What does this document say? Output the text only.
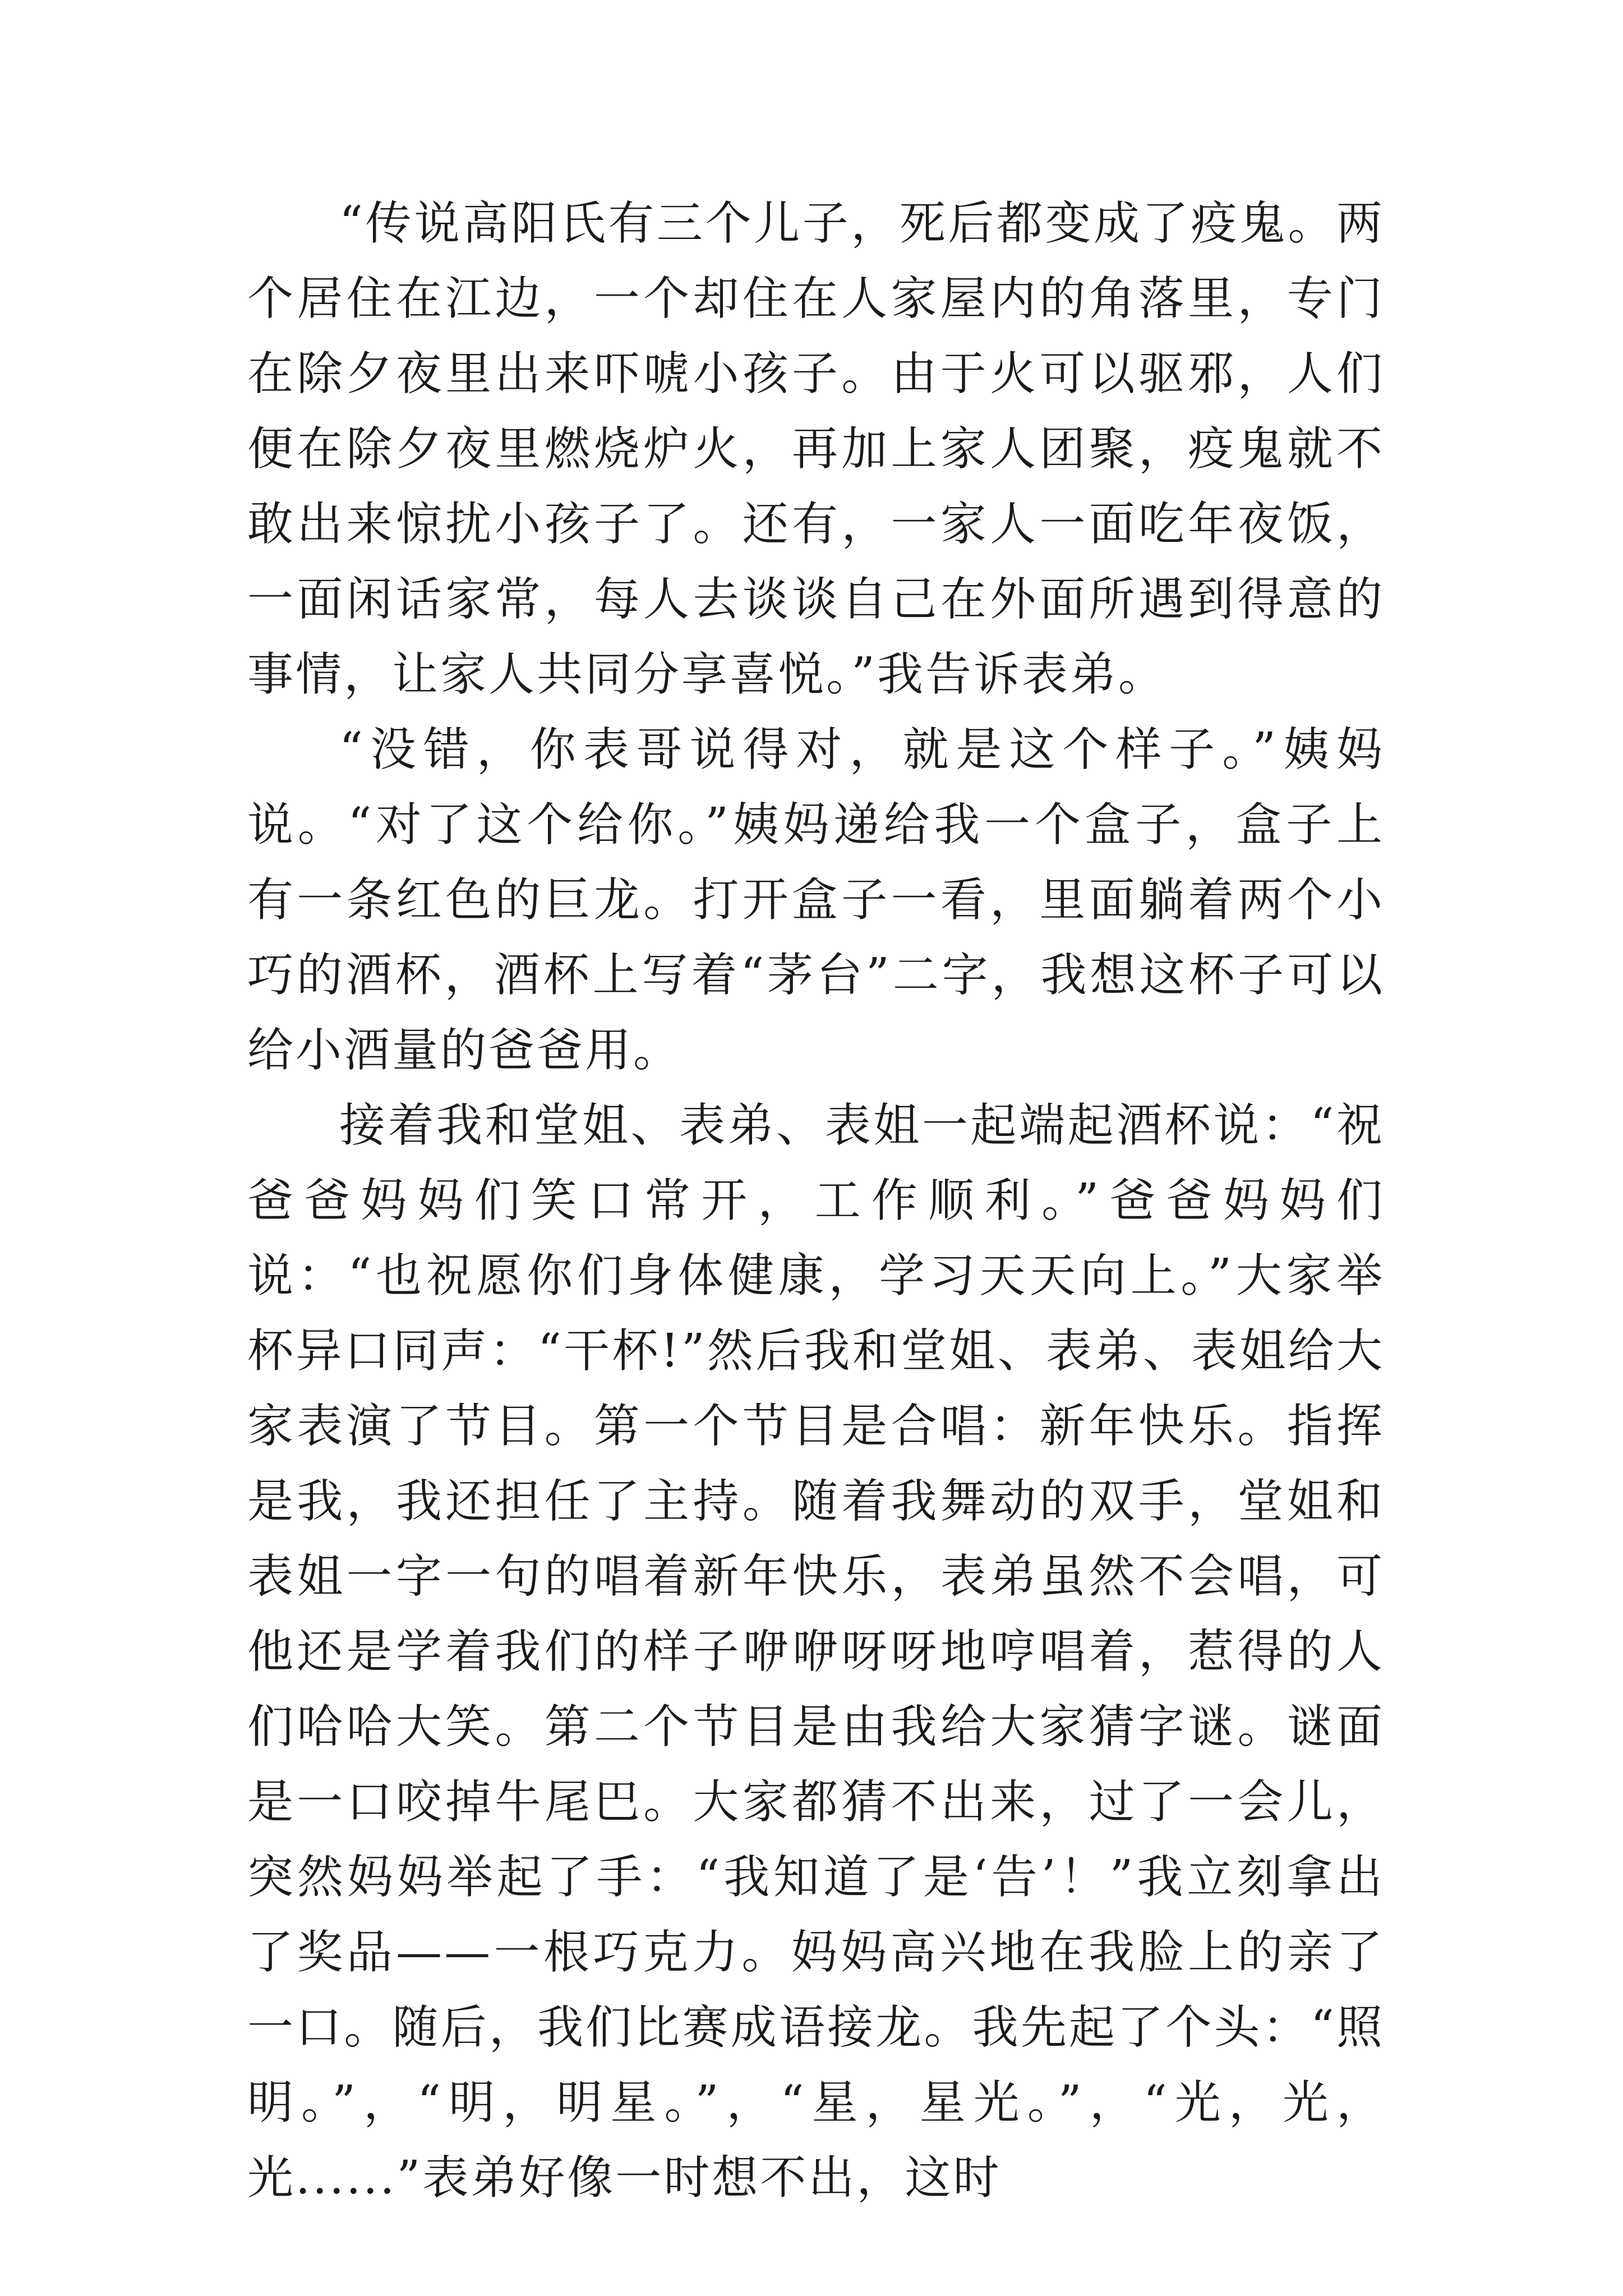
“传说高阳氏有三个儿子，死后都变成了疫鬼。两个居住在江边，一个却住在人家屋内的角落里，专门在除夕夜里出来吓唬小孩子。由于火可以驱邪，人们便在除夕夜里燃烧炉火，再加上家人团聚，疫鬼就不敢出来惊扰小孩子了。还有，一家人一面吃年夜饭，一面闲话家常，每人去谈谈自己在外面所遇到得意的事情，让家人共同分享喜悦。”我告诉表弟。

“没错，你表哥说得对，就是这个样子。”姨妈说。“对了这个给你。”姨妈递给我一个盒子，盒子上有一条红色的巨龙。打开盒子一看，里面躺着两个小巧的酒杯，酒杯上写着“茅台”二字，我想这杯子可以给小酒量的爸爸用。

接着我和堂姐、表弟、表姐一起端起酒杯说：“祝爸爸妈妈们笑口常开，工作顺利。”爸爸妈妈们说：“也祝愿你们身体健康，学习天天向上。”大家举杯异口同声：“干杯!”然后我和堂姐、表弟、表姐给大家表演了节目。第一个节目是合唱：新年快乐。指挥是我，我还担任了主持。随着我舞动的双手，堂姐和表姐一字一句的唱着新年快乐，表弟虽然不会唱，可他还是学着我们的样子咿咿呀呀地哼唱着，惹得的人们哈哈大笑。第二个节目是由我给大家猜字谜。谜面是一口咬掉牛尾巴。大家都猜不出来，过了一会儿，突然妈妈举起了手：“我知道了是‘告’！”我立刻拿出了奖品——一根巧克力。妈妈高兴地在我脸上的亲了一口。随后，我们比赛成语接龙。我先起了个头：“照明。”，“明，明星。”，“星，星光。”，“光，光，光......”表弟好像一时想不出，这时
